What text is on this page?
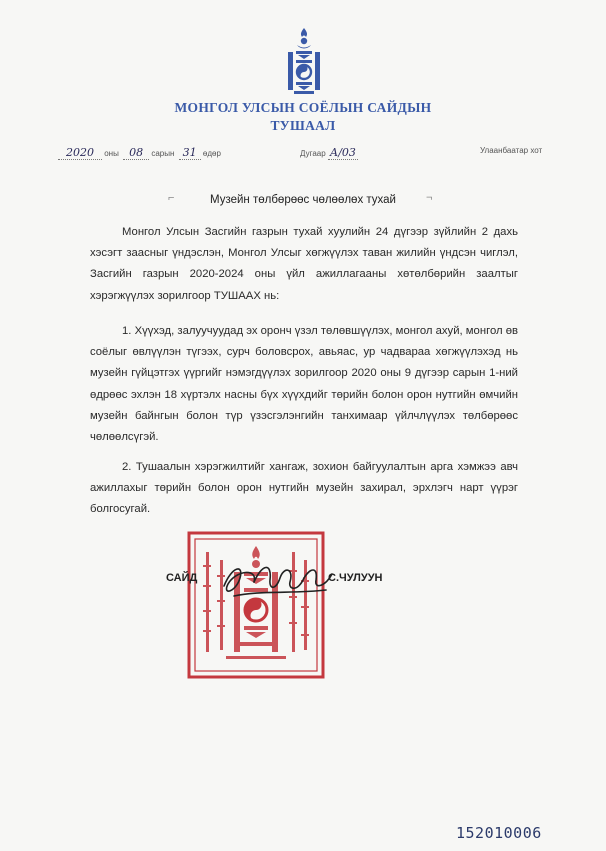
МОНГОЛ УЛСЫН СОЁЛЫН САЙДЫН
ТУШААЛ
2020 оны 08 сарын 31 өдөр	Дугаар А/03	Улаанбаатар хот
⌐	Музейн төлбөрөөс чөлөөлөх тухай	¬
Монгол Улсын Засгийн газрын тухай хуулийн 24 дүгээр зүйлийн 2 дахь хэсэгт заасныг үндэслэн, Монгол Улсыг хөгжүүлэх таван жилийн үндсэн чиглэл, Засгийн газрын 2020-2024 оны үйл ажиллагааны хөтөлбөрийн заалтыг хэрэгжүүлэх зорилгоор ТУШААХ нь:
1. Хүүхэд, залуучуудад эх оронч үзэл төлөвшүүлэх, монгол ахуй, монгол өв соёлыг өвлүүлэн түгээх, сурч боловсрох, авьяас, ур чадвараа хөгжүүлэхэд нь музейн гүйцэтгэх үүргийг нэмэгдүүлэх зорилгоор 2020 оны 9 дүгээр сарын 1-ний өдрөөс эхлэн 18 хүртэлх насны бүх хүүхдийг төрийн болон орон нутгийн өмчийн музейн байнгын болон түр үзэсгэлэнгийн танхимаар үйлчлүүлэх төлбөрөөс чөлөөлсүгэй.
2. Тушаалын хэрэгжилтийг хангаж, зохион байгуулалтын арга хэмжээ авч ажиллахыг төрийн болон орон нутгийн музейн захирал, эрхлэгч нарт үүрэг болгосугай.
САЙД	С.ЧУЛУУН
152010006
